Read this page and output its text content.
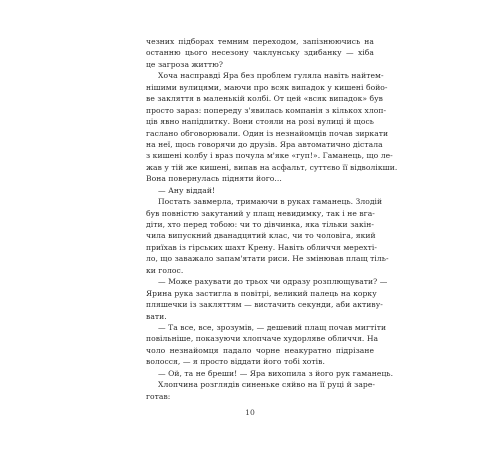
чезних підборах темним переходом, запізнюючись на
останню цього несезону чаклунську здибанку — хіба
це загроза життю?
Хоча насправді Яра без проблем гуляла навіть найтем-
нішими вулицями, маючи про всяк випадок у кишені бойо-
ве закляття в маленькій колбі. От цей «всяк випадок» був
просто зараз: попереду з'явилась компанія з кількох хлоп-
ців явно напідпитку. Вони стояли на розі вулиці й щось
гаслано обговорювали. Один із незнайомців почав зиркати
на неї, щось говорячи до друзів. Яра автоматично дістала
з кишені колбу і враз почула м'яке «гуп!». Гаманець, що ле-
жав у тій же кишені, випав на асфальт, суттєво її відволікши.
Вона повернулась підняти його...
— Ану віддай!
Постать завмерла, тримаючи в руках гаманець. Злодій
був повністю закутаний у плащ невидимку, так і не вга-
діти, хто перед тобою: чи то дівчинка, яка тільки закін-
чила випускний дванадцятий клас, чи то чоловіга, який
приїхав із гірських шахт Крену. Навіть обличчя мерехті-
ло, що заважало запам'ятати риси. Не змінював плащ тіль-
ки голос.
— Може рахувати до трьох чи одразу розплющувати? —
Ярина рука застигла в повітрі, великий палець на корку
пляшечки із закляттям — вистачить секунди, аби активу-
вати.
— Та все, все, зрозумів, — дешевий плащ почав мигтіти
повільніше, показуючи хлопчаче худорляве обличчя. На
чоло незнайомця падало чорне неакуратно підрізане
волосся, — я просто віддати його тобі хотів.
— Ой, та не бреши! — Яра вихопила з його рук гаманець.
Хлопчина розглядів синеньке сяйво на її руці й заре-
готав:
10
